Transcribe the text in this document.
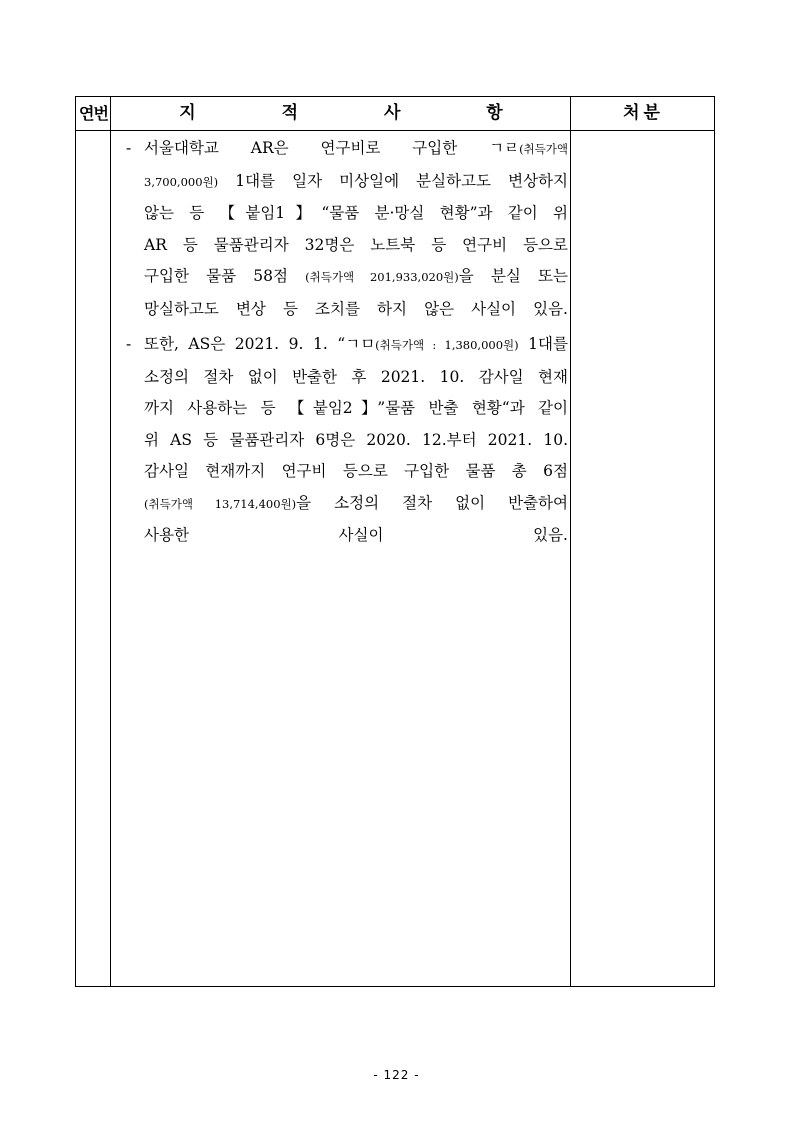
연번	지 적 사 항	처분
- 서울대학교 AR은 연구비로 구입한 ㄱㄹ(취득가액
3,700,000원) 1대를 일자 미상일에 분실하고도 변상하지
않는 등 【붙임1】“물품 분·망실 현황”과 같이 위
AR 등 물품관리자 32명은 노트북 등 연구비 등으로
구입한 물품 58점 (취득가액 201,933,020원)을 분실 또는
망실하고도 변상 등 조치를 하지 않은 사실이 있음.
- 또한, AS은 2021. 9. 1. “ㄱㅁ(취득가액 : 1,380,000원) 1대를
소정의 절차 없이 반출한 후 2021. 10. 감사일 현재
까지 사용하는 등 【붙임2】”물품 반출 현황“과 같이
위 AS 등 물품관리자 6명은 2020. 12.부터 2021. 10.
감사일 현재까지 연구비 등으로 구입한 물품 총 6점
(취득가액 13,714,400원)을 소정의 절차 없이 반출하여
사용한 사실이 있음.
- 122 -
